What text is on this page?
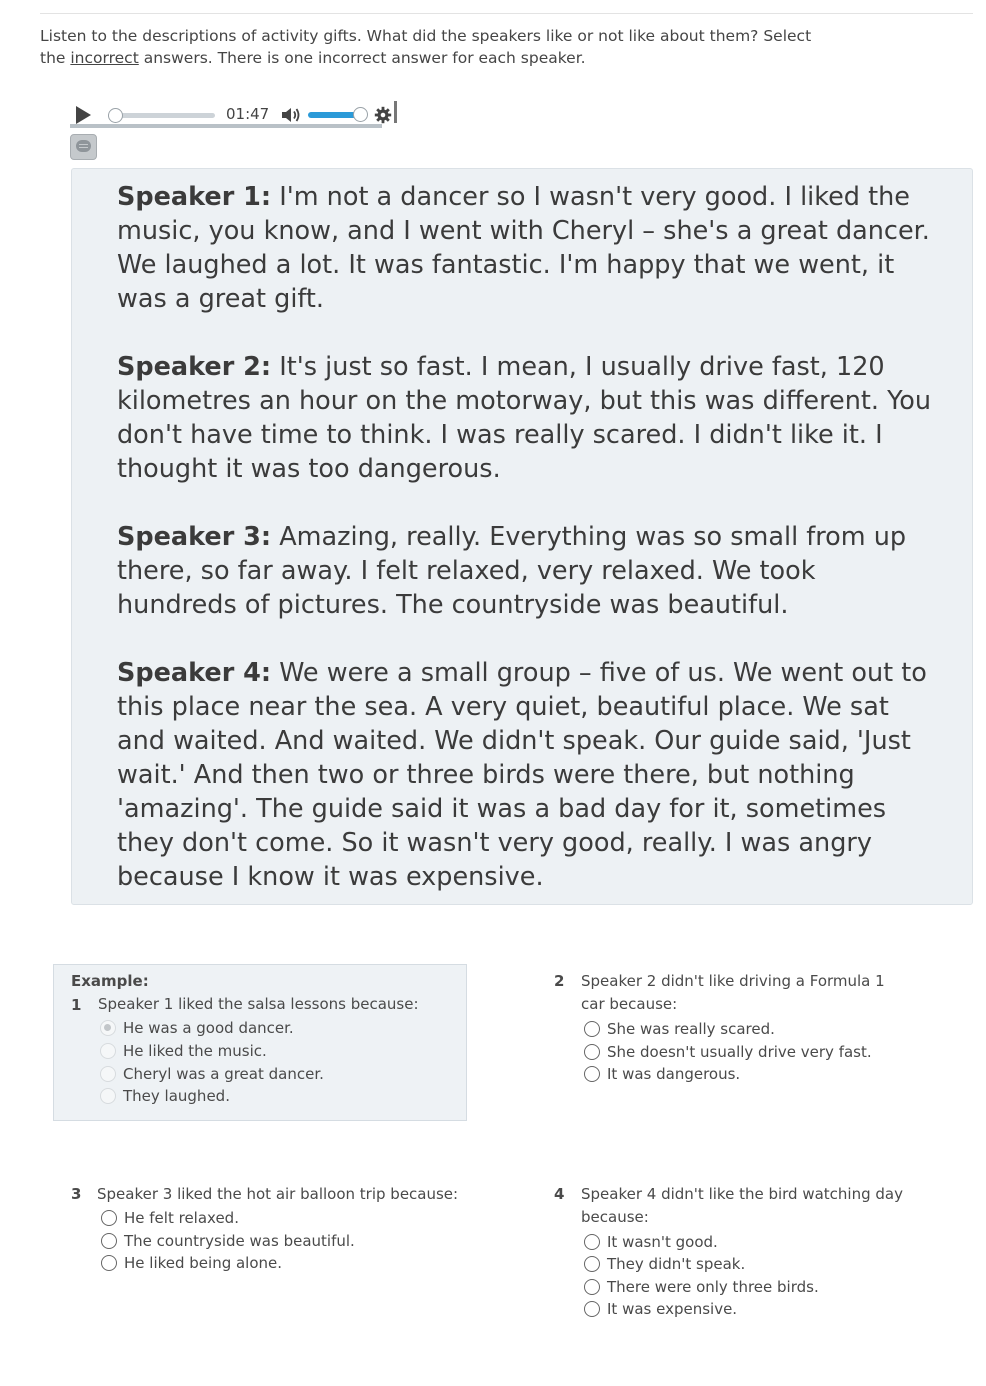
Listen to the descriptions of activity gifts. What did the speakers like or not like about them? Select the incorrect answers. There is one incorrect answer for each speaker.

01:47

Speaker 1: I'm not a dancer so I wasn't very good. I liked the music, you know, and I went with Cheryl – she's a great dancer. We laughed a lot. It was fantastic. I'm happy that we went, it was a great gift.

Speaker 2: It's just so fast. I mean, I usually drive fast, 120 kilometres an hour on the motorway, but this was different. You don't have time to think. I was really scared. I didn't like it. I thought it was too dangerous.

Speaker 3: Amazing, really. Everything was so small from up there, so far away. I felt relaxed, very relaxed. We took hundreds of pictures. The countryside was beautiful.

Speaker 4: We were a small group – five of us. We went out to this place near the sea. A very quiet, beautiful place. We sat and waited. And waited. We didn't speak. Our guide said, 'Just wait.' And then two or three birds were there, but nothing 'amazing'. The guide said it was a bad day for it, sometimes they don't come. So it wasn't very good, really. I was angry because I know it was expensive.

Example:
1 Speaker 1 liked the salsa lessons because:
He was a good dancer.
He liked the music.
Cheryl was a great dancer.
They laughed.
2 Speaker 2 didn't like driving a Formula 1 car because:
She was really scared.
She doesn't usually drive very fast.
It was dangerous.
3 Speaker 3 liked the hot air balloon trip because:
He felt relaxed.
The countryside was beautiful.
He liked being alone.
4 Speaker 4 didn't like the bird watching day because:
It wasn't good.
They didn't speak.
There were only three birds.
It was expensive.
